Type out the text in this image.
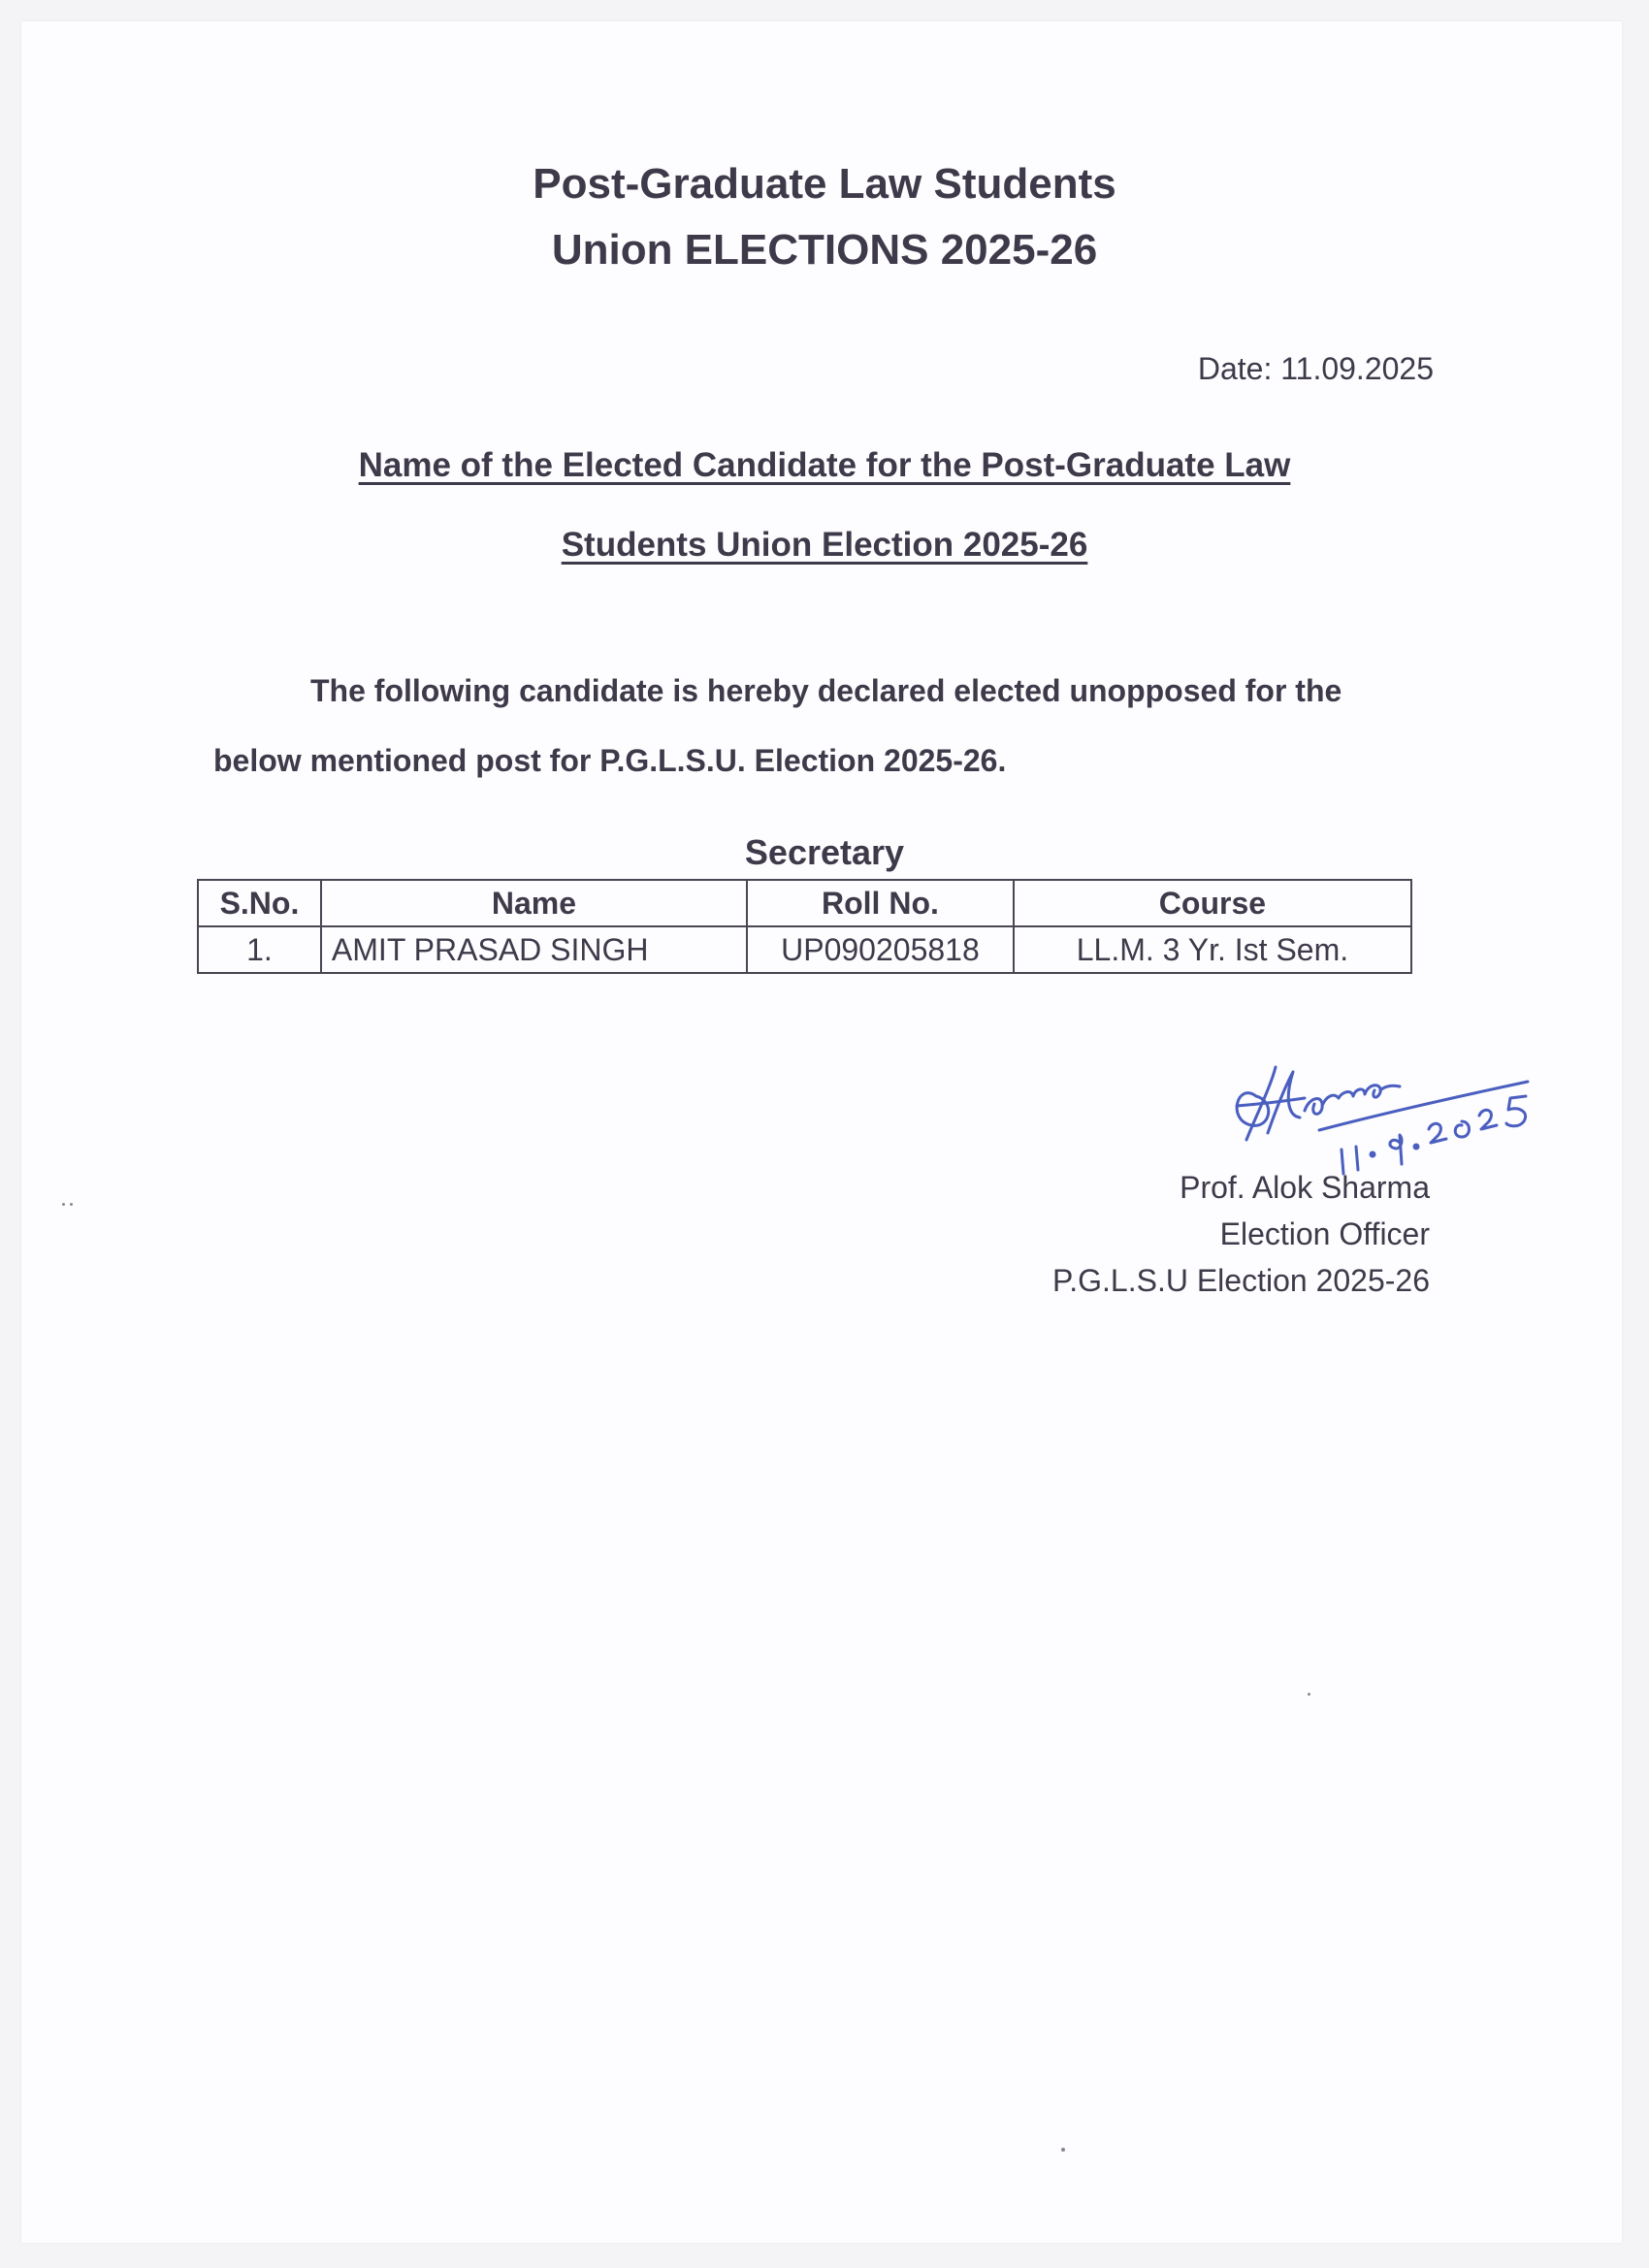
Post-Graduate Law Students
Union ELECTIONS 2025-26
Date: 11.09.2025
Name of the Elected Candidate for the Post-Graduate Law
Students Union Election 2025-26
The following candidate is hereby declared elected unopposed for the
below mentioned post for P.G.L.S.U. Election 2025-26.
Secretary
S.No.	Name	Roll No.	Course
1.	AMIT PRASAD SINGH	UP090205818	LL.M. 3 Yr. Ist Sem.
Prof. Alok Sharma
Election Officer
P.G.L.S.U Election 2025-26
